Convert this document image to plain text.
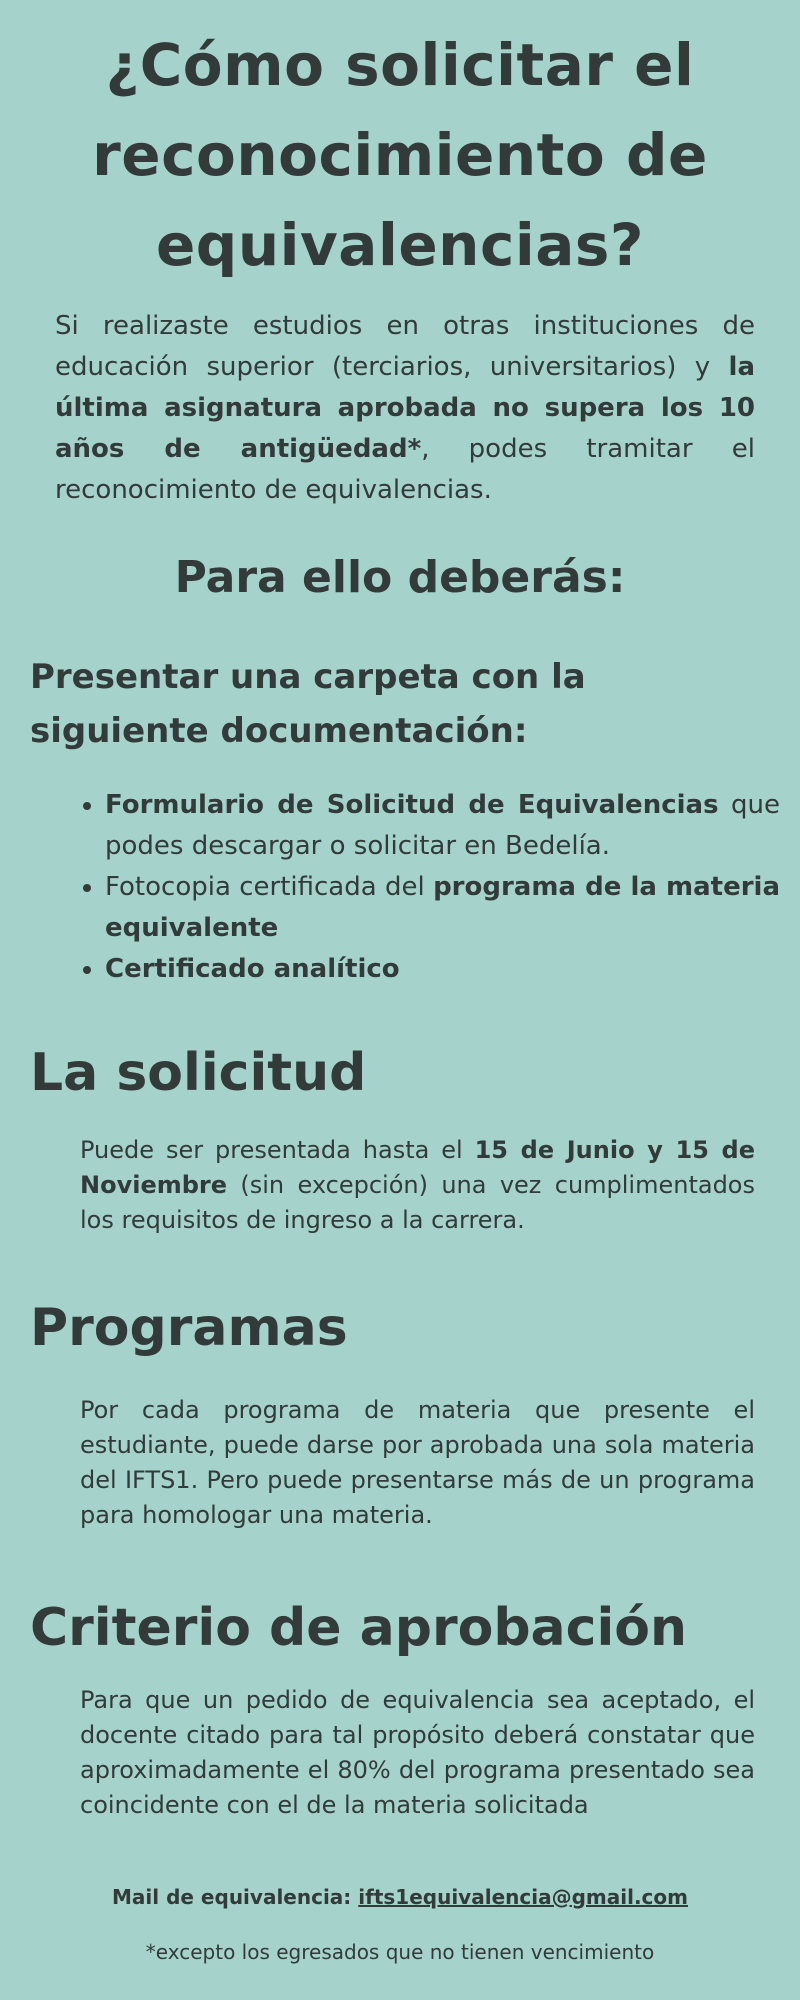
¿Cómo solicitar el reconocimiento de equivalencias?

Si realizaste estudios en otras instituciones de educación superior (terciarios, universitarios) y la última asignatura aprobada no supera los 10 años de antigüedad*, podes tramitar el reconocimiento de equivalencias.

Para ello deberás:
Presentar una carpeta con la siguiente documentación:
• Formulario de Solicitud de Equivalencias que podes descargar o solicitar en Bedelía.
• Fotocopia certificada del programa de la materia equivalente
• Certificado analítico
La solicitud

Puede ser presentada hasta el 15 de Junio y 15 de Noviembre (sin excepción) una vez cumplimentados los requisitos de ingreso a la carrera.

Programas

Por cada programa de materia que presente el estudiante, puede darse por aprobada una sola materia del IFTS1. Pero puede presentarse más de un programa para homologar una materia.

Criterio de aprobación

Para que un pedido de equivalencia sea aceptado, el docente citado para tal propósito deberá constatar que aproximadamente el 80% del programa presentado sea coincidente con el de la materia solicitada

Mail de equivalencia: ifts1equivalencia@gmail.com

*excepto los egresados que no tienen vencimiento
